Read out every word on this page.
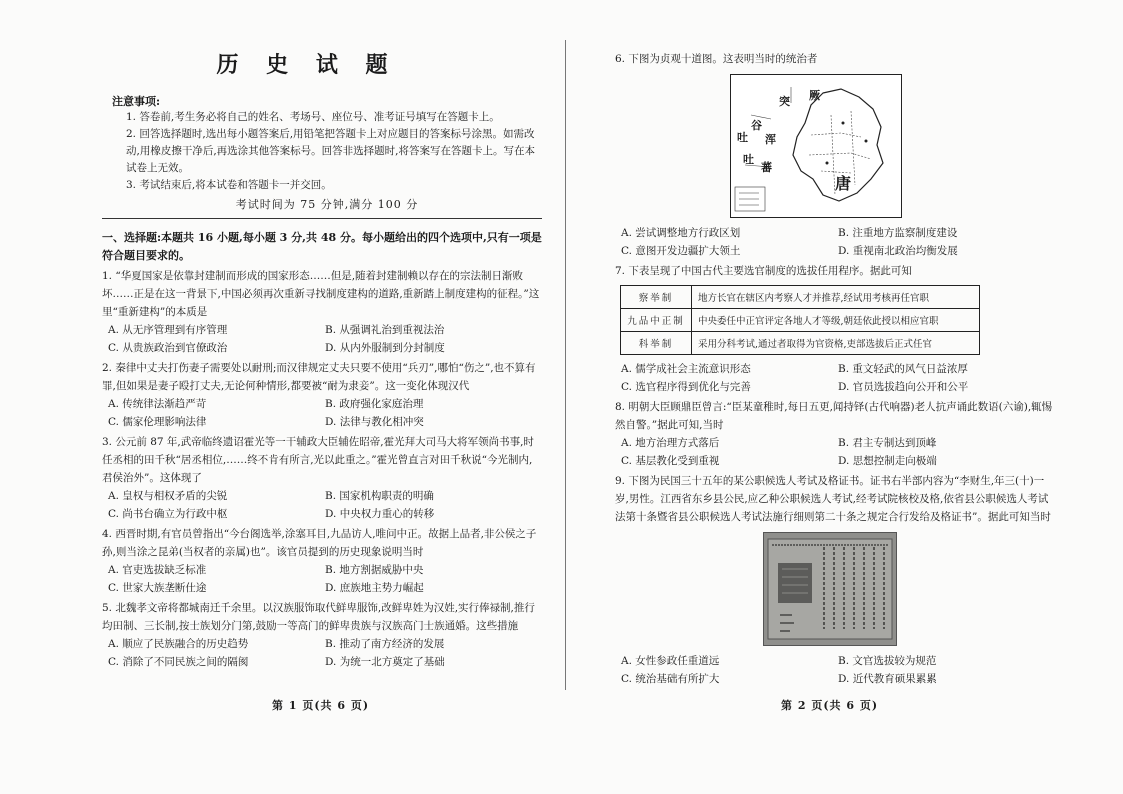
历 史 试 题
注意事项:
1. 答卷前,考生务必将自己的姓名、考场号、座位号、准考证号填写在答题卡上。
2. 回答选择题时,选出每小题答案后,用铅笔把答题卡上对应题目的答案标号涂黑。如需改动,用橡皮擦干净后,再选涂其他答案标号。回答非选择题时,将答案写在答题卡上。写在本试卷上无效。
3. 考试结束后,将本试卷和答题卡一并交回。
考试时间为 75 分钟,满分 100 分
一、选择题:本题共 16 小题,每小题 3 分,共 48 分。每小题给出的四个选项中,只有一项是符合题目要求的。
1. “华夏国家是依靠封建制而形成的国家形态……但是,随着封建制赖以存在的宗法制日渐败坏……正是在这一背景下,中国必须再次重新寻找制度建构的道路,重新踏上制度建构的征程。”这里“重新建构”的本质是
A. 从无序管理到有序管理	B. 从强调礼治到重视法治
C. 从贵族政治到官僚政治	D. 从内外服制到分封制度
2. 秦律中丈夫打伤妻子需要处以耐刑;而汉律规定丈夫只要不使用“兵刃”,哪怕“伤之”,也不算有罪,但如果是妻子殴打丈夫,无论何种情形,都要被“耐为隶妾”。这一变化体现汉代
A. 传统律法渐趋严苛	B. 政府强化家庭治理
C. 儒家伦理影响法律	D. 法律与教化相冲突
3. 公元前 87 年,武帝临终遗诏霍光等一干辅政大臣辅佐昭帝,霍光拜大司马大将军领尚书事,时任丞相的田千秋“居丞相位,……终不肯有所言,光以此重之。”霍光曾直言对田千秋说“今光制内,君侯治外”。这体现了
A. 皇权与相权矛盾的尖锐	B. 国家机构职责的明确
C. 尚书台确立为行政中枢	D. 中央权力重心的转移
4. 西晋时期,有官员曾指出“今台阁选举,涂塞耳目,九品访人,唯问中正。故据上品者,非公侯之子孙,则当涂之昆弟(当权者的亲属)也”。该官员提到的历史现象说明当时
A. 官吏选拔缺乏标准	B. 地方割据威胁中央
C. 世家大族垄断仕途	D. 庶族地主势力崛起
5. 北魏孝文帝将都城南迁千余里。以汉族服饰取代鲜卑服饰,改鲜卑姓为汉姓,实行俸禄制,推行均田制、三长制,按士族划分门第,鼓励一等高门的鲜卑贵族与汉族高门士族通婚。这些措施
A. 顺应了民族融合的历史趋势	B. 推动了南方经济的发展
C. 消除了不同民族之间的隔阂	D. 为统一北方奠定了基础
第 1 页(共 6 页)
6. 下图为贞观十道图。这表明当时的统治者
突 厥
吐
谷
浑
吐
蕃
唐
A. 尝试调整地方行政区划	B. 注重地方监察制度建设
C. 意图开发边疆扩大领土	D. 重视南北政治均衡发展
7. 下表呈现了中国古代主要选官制度的选拔任用程序。据此可知
察举制	地方长官在辖区内考察人才并推荐,经试用考核再任官职
九品中正制	中央委任中正官评定各地人才等级,朝廷依此授以相应官职
科举制	采用分科考试,通过者取得为官资格,吏部选拔后正式任官
A. 儒学成社会主流意识形态	B. 重文轻武的风气日益浓厚
C. 选官程序得到优化与完善	D. 官员选拔趋向公开和公平
8. 明朝大臣顾鼎臣曾言:“臣某童稚时,每日五更,闻持铎(古代响器)老人抗声诵此数语(六谕),辄惕然自警。”据此可知,当时
A. 地方治理方式落后	B. 君主专制达到顶峰
C. 基层教化受到重视	D. 思想控制走向极端
9. 下图为民国三十五年的某公职候选人考试及格证书。证书右半部内容为“李财生,年三(十)一岁,男性。江西省东乡县公民,应乙种公职候选人考试,经考试院核校及格,依省县公职候选人考试法第十条暨省县公职候选人考试法施行细则第二十条之规定合行发给及格证书”。据此可知当时
A. 女性参政任重道远	B. 文官选拔较为规范
C. 统治基础有所扩大	D. 近代教育硕果累累
第 2 页(共 6 页)
